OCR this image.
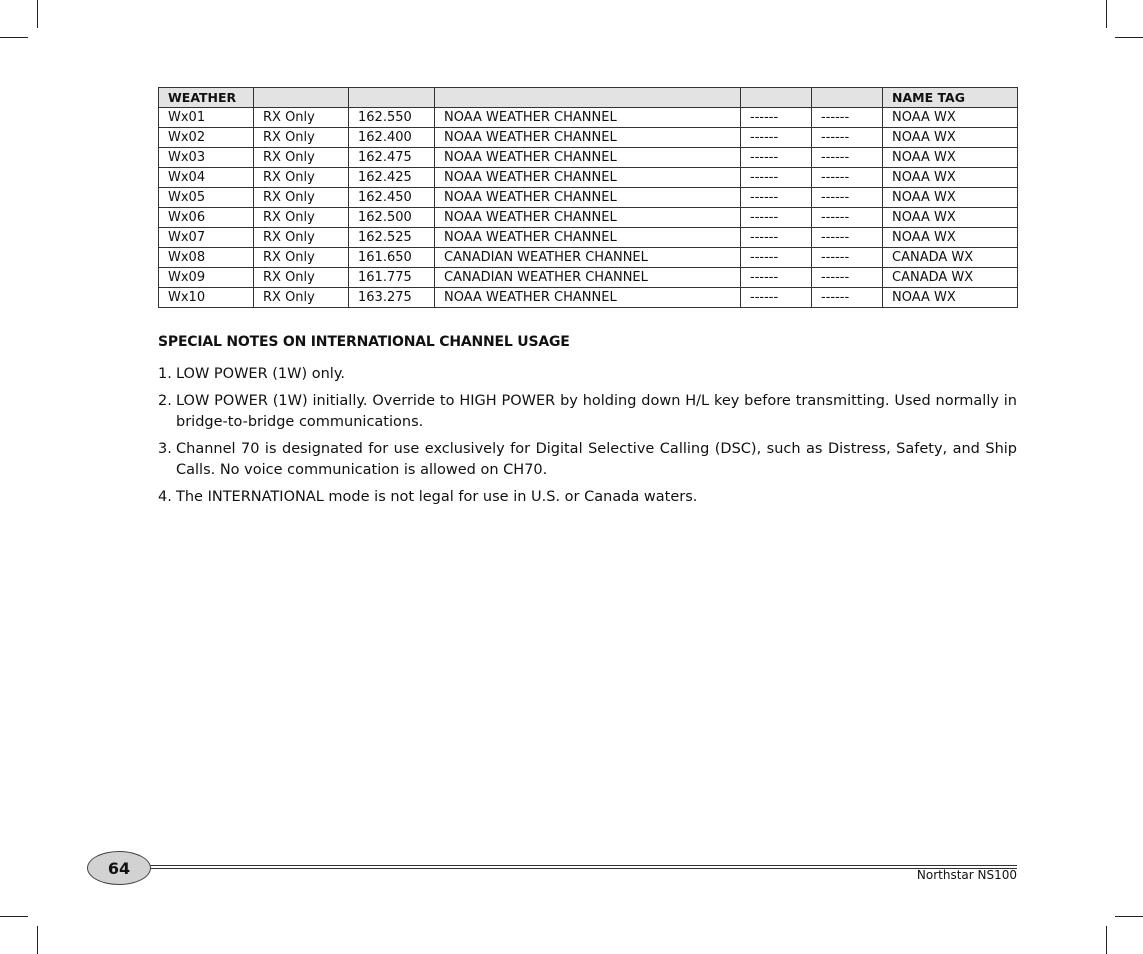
WEATHER						NAME TAG
Wx01	RX Only	162.550	NOAA WEATHER CHANNEL	------	------	NOAA WX
Wx02	RX Only	162.400	NOAA WEATHER CHANNEL	------	------	NOAA WX
Wx03	RX Only	162.475	NOAA WEATHER CHANNEL	------	------	NOAA WX
Wx04	RX Only	162.425	NOAA WEATHER CHANNEL	------	------	NOAA WX
Wx05	RX Only	162.450	NOAA WEATHER CHANNEL	------	------	NOAA WX
Wx06	RX Only	162.500	NOAA WEATHER CHANNEL	------	------	NOAA WX
Wx07	RX Only	162.525	NOAA WEATHER CHANNEL	------	------	NOAA WX
Wx08	RX Only	161.650	CANADIAN WEATHER CHANNEL	------	------	CANADA WX
Wx09	RX Only	161.775	CANADIAN WEATHER CHANNEL	------	------	CANADA WX
Wx10	RX Only	163.275	NOAA WEATHER CHANNEL	------	------	NOAA WX
SPECIAL NOTES ON INTERNATIONAL CHANNEL USAGE
1. LOW POWER (1W) only.
2. LOW POWER (1W) initially. Override to HIGH POWER by holding down H/L key before transmitting. Used normally in bridge-to-bridge communications.
3. Channel 70 is designated for use exclusively for Digital Selective Calling (DSC), such as Distress, Safety, and Ship Calls. No voice communication is allowed on CH70.
4. The INTERNATIONAL mode is not legal for use in U.S. or Canada waters.
64	Northstar NS100
